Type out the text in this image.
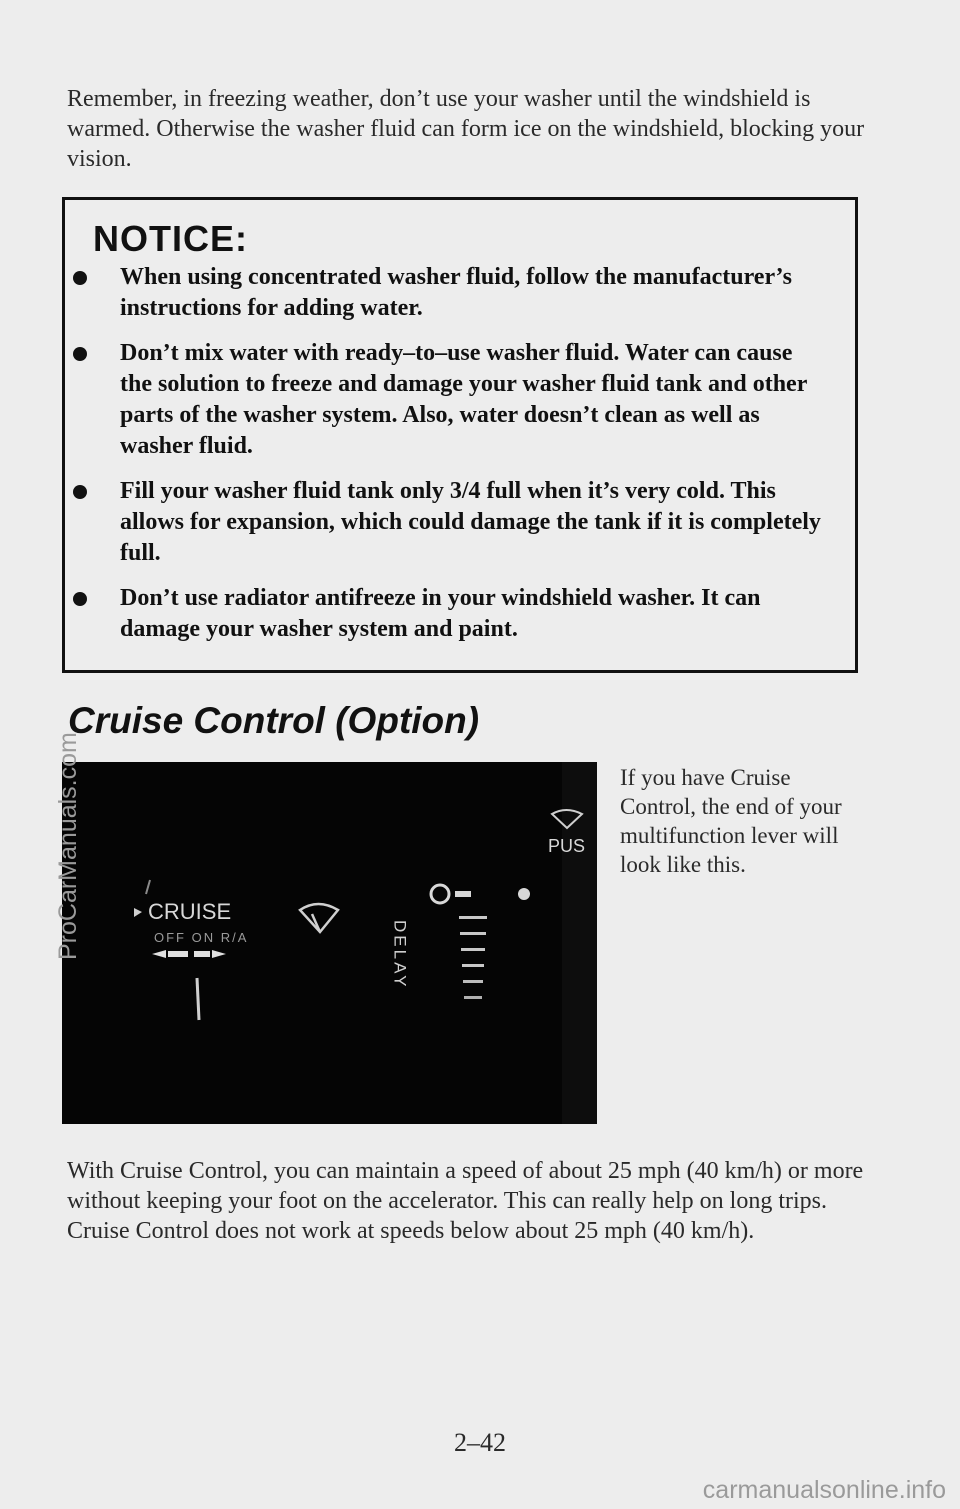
Remember, in freezing weather, don’t use your washer until the windshield is warmed. Otherwise the washer fluid can form ice on the windshield, blocking your vision.

NOTICE:
When using concentrated washer fluid, follow the manufacturer’s instructions for adding water.
Don’t mix water with ready–to–use washer fluid. Water can cause the solution to freeze and damage your washer fluid tank and other parts of the washer system. Also, water doesn’t clean as well as washer fluid.
Fill your washer fluid tank only 3/4 full when it’s very cold. This allows for expansion, which could damage the tank if it is completely full.
Don’t use radiator antifreeze in your windshield washer. It can damage your washer system and paint.
Cruise Control (Option)
CRUISE
OFF ON R/A
PUS
DELAY
If you have Cruise Control, the end of your multifunction lever will look like this.

With Cruise Control, you can maintain a speed of about 25 mph (40 km/h) or more without keeping your foot on the accelerator. This can really help on long trips. Cruise Control does not work at speeds below about 25 mph (40 km/h).

2–42
ProCarManuals.com
carmanualsonline.info
